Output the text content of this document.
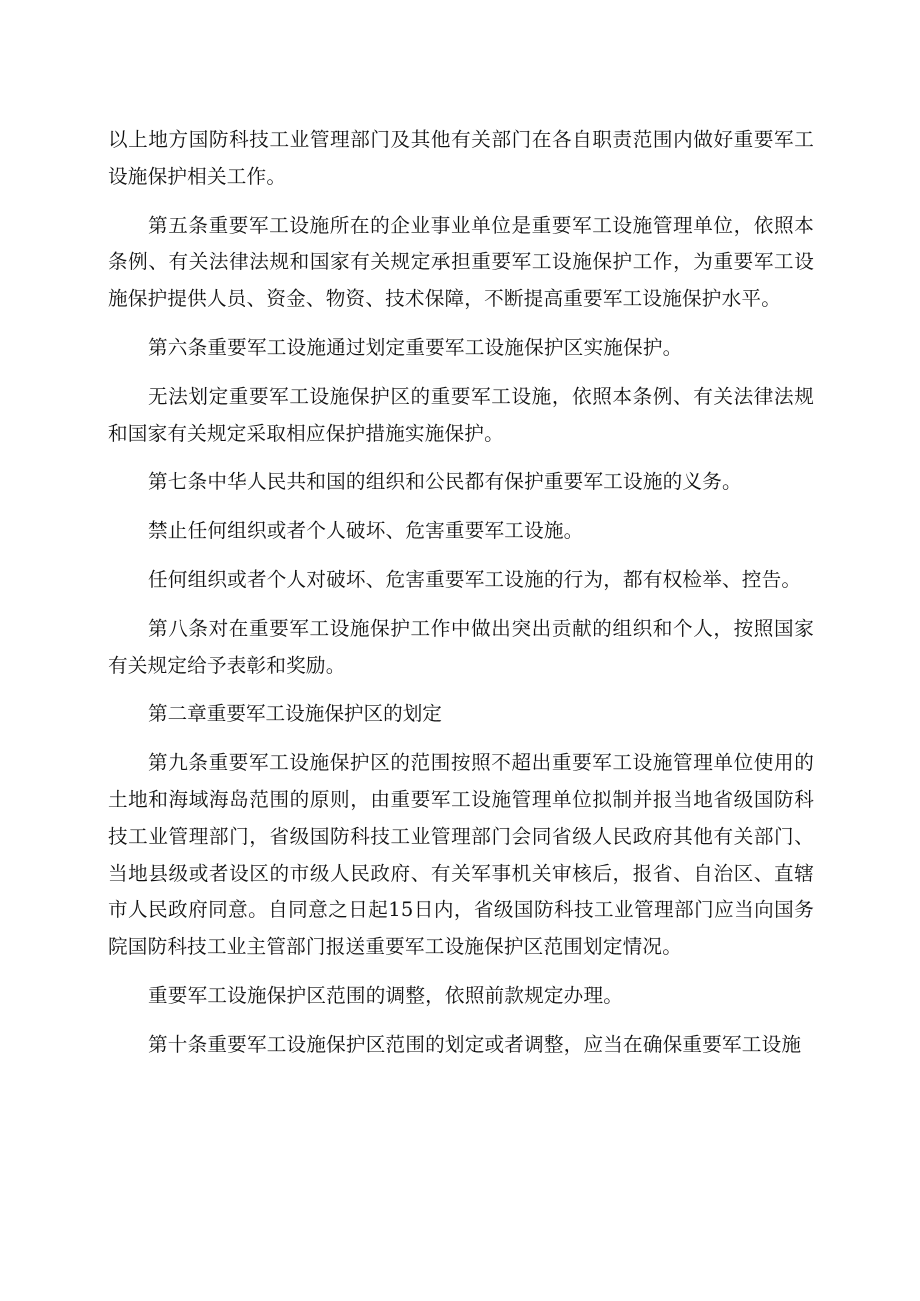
以上地方国防科技工业管理部门及其他有关部门在各自职责范围内做好重要军工设施保护相关工作。

第五条重要军工设施所在的企业事业单位是重要军工设施管理单位，依照本条例、有关法律法规和国家有关规定承担重要军工设施保护工作，为重要军工设施保护提供人员、资金、物资、技术保障，不断提高重要军工设施保护水平。

第六条重要军工设施通过划定重要军工设施保护区实施保护。

无法划定重要军工设施保护区的重要军工设施，依照本条例、有关法律法规和国家有关规定采取相应保护措施实施保护。

第七条中华人民共和国的组织和公民都有保护重要军工设施的义务。

禁止任何组织或者个人破坏、危害重要军工设施。

任何组织或者个人对破坏、危害重要军工设施的行为，都有权检举、控告。

第八条对在重要军工设施保护工作中做出突出贡献的组织和个人，按照国家有关规定给予表彰和奖励。

第二章重要军工设施保护区的划定

第九条重要军工设施保护区的范围按照不超出重要军工设施管理单位使用的土地和海域海岛范围的原则，由重要军工设施管理单位拟制并报当地省级国防科技工业管理部门，省级国防科技工业管理部门会同省级人民政府其他有关部门、当地县级或者设区的市级人民政府、有关军事机关审核后，报省、自治区、直辖市人民政府同意。自同意之日起15日内，省级国防科技工业管理部门应当向国务院国防科技工业主管部门报送重要军工设施保护区范围划定情况。

重要军工设施保护区范围的调整，依照前款规定办理。

第十条重要军工设施保护区范围的划定或者调整，应当在确保重要军工设施
